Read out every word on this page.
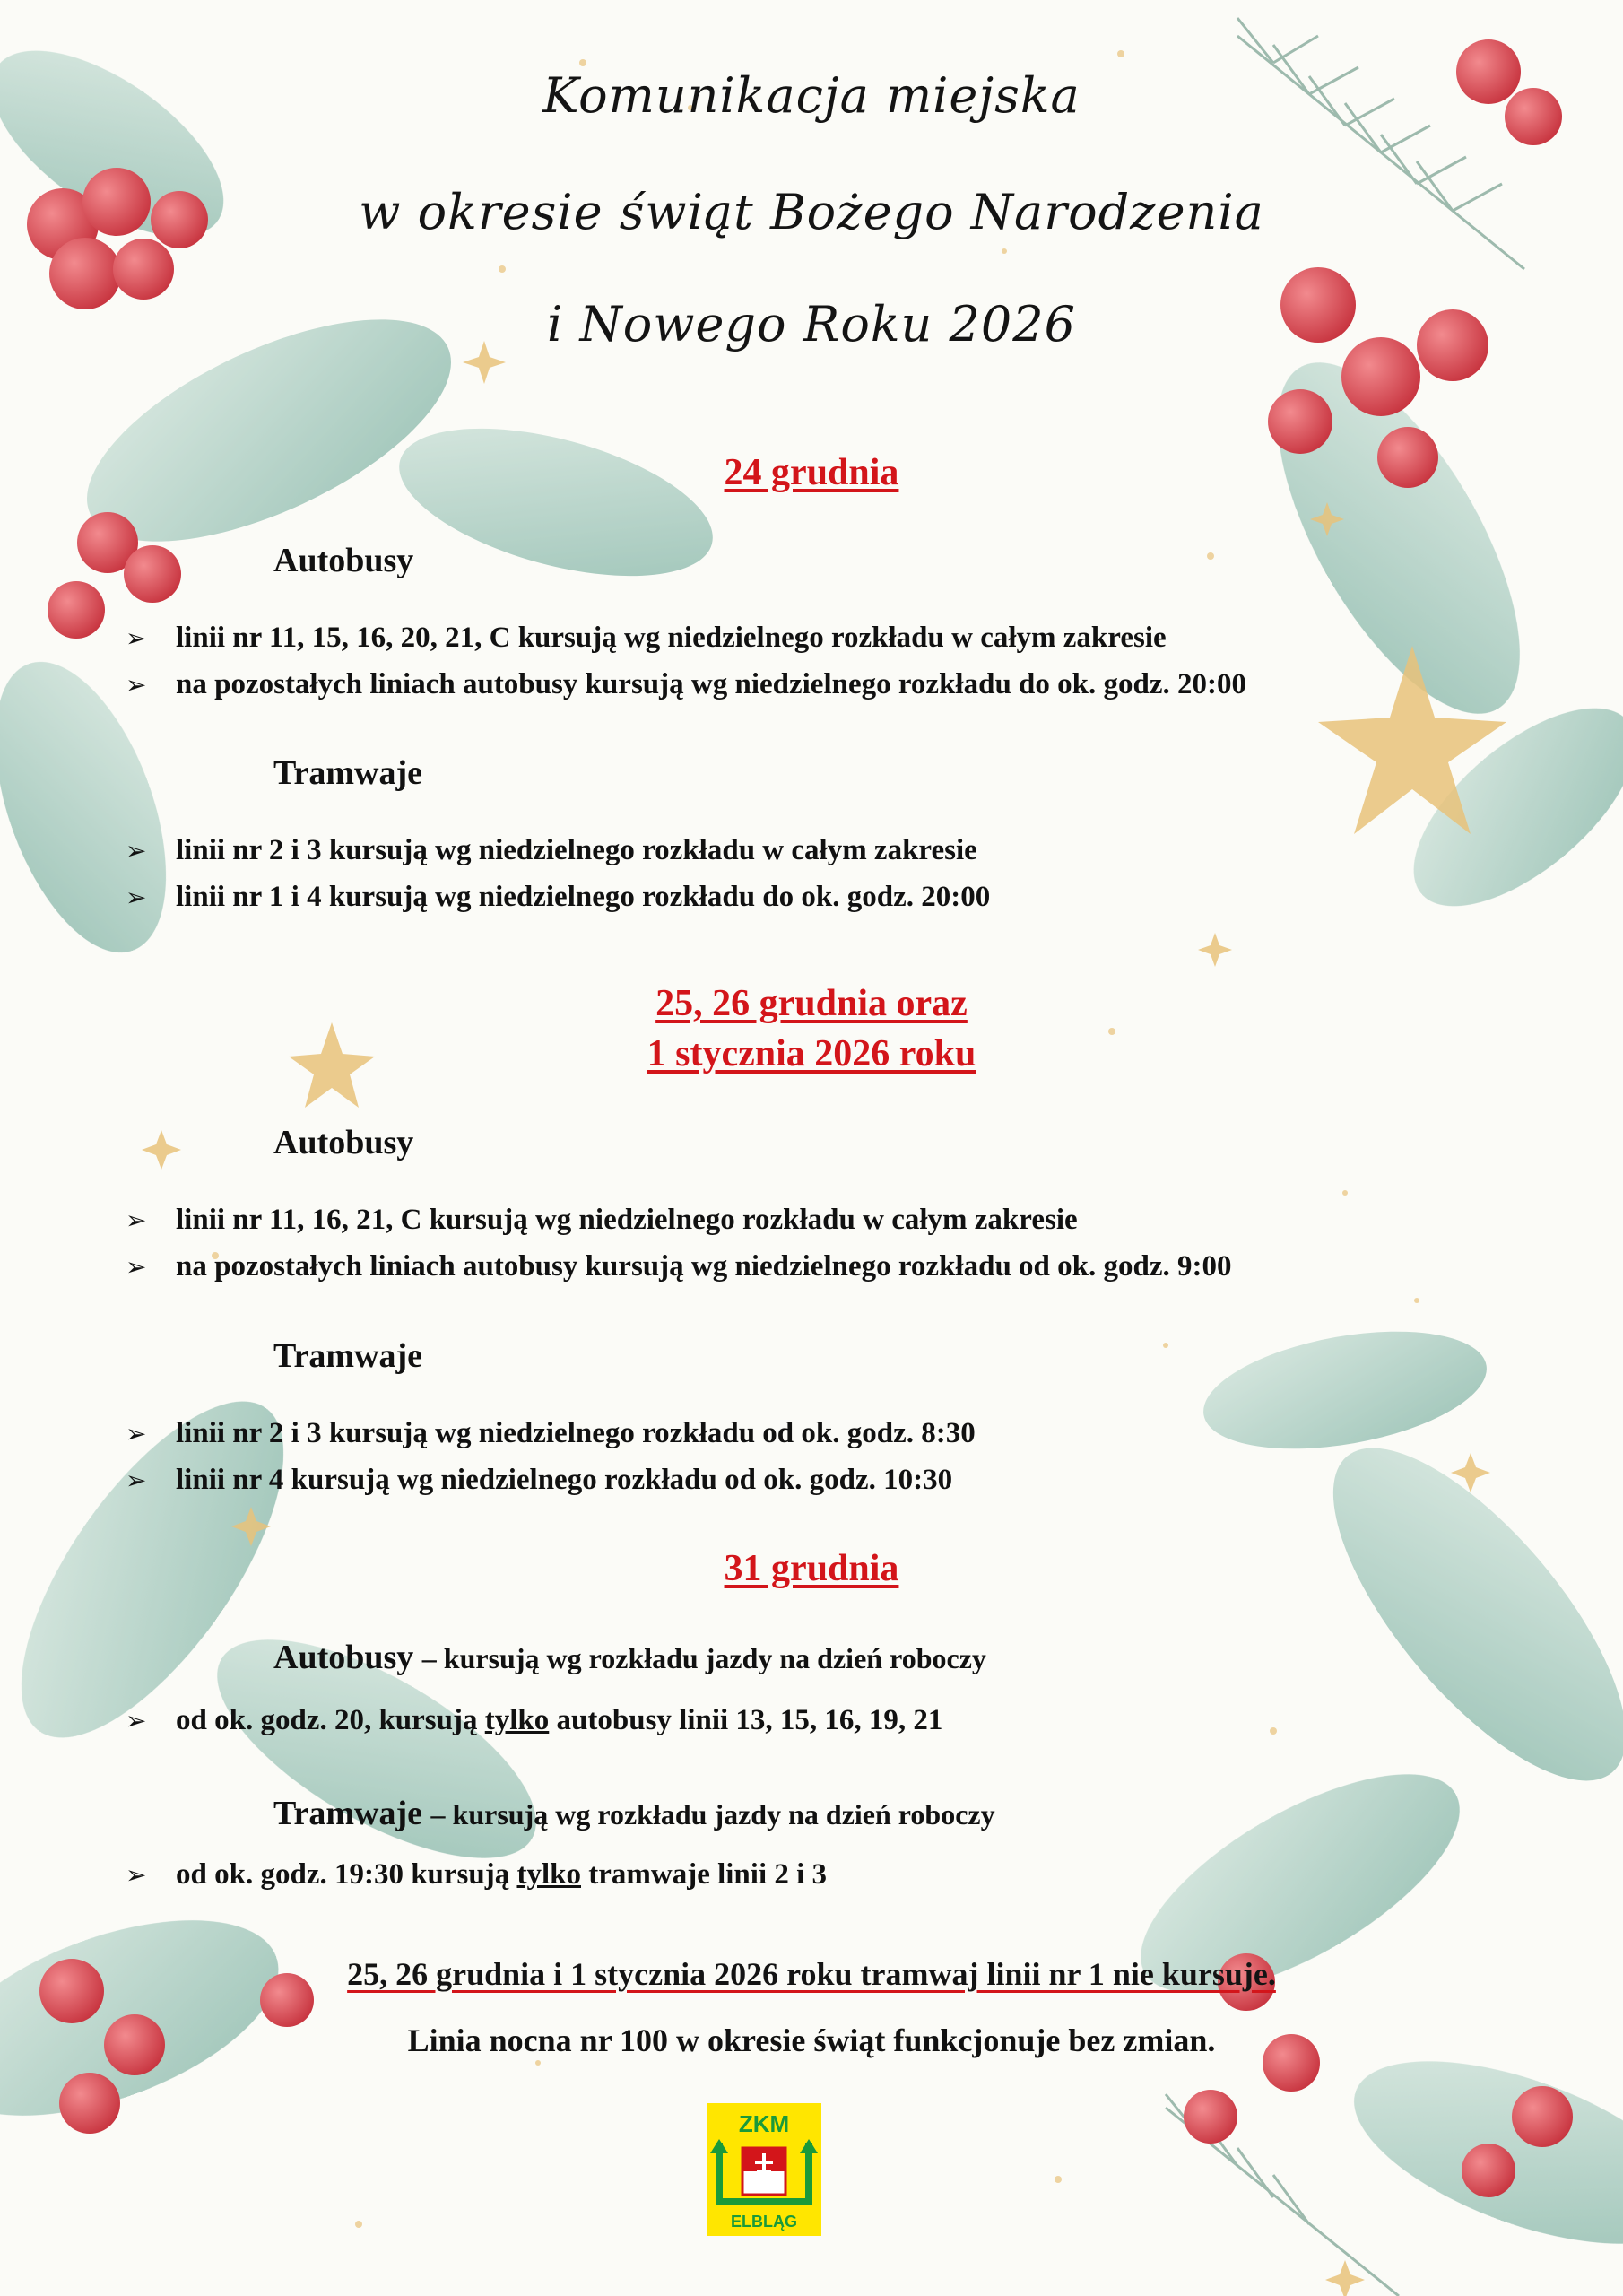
Komunikacja miejska
w okresie świąt Bożego Narodzenia
i Nowego Roku 2026
24 grudnia
Autobusy
➢ linii nr 11, 15, 16, 20, 21, C kursują wg niedzielnego rozkładu w całym zakresie
➢ na pozostałych liniach autobusy kursują wg niedzielnego rozkładu do ok. godz. 20:00
Tramwaje
➢ linii nr 2 i 3 kursują wg niedzielnego rozkładu w całym zakresie
➢ linii nr 1 i 4 kursują wg niedzielnego rozkładu do ok. godz. 20:00
25, 26 grudnia oraz
1 stycznia 2026 roku
Autobusy
➢ linii nr 11, 16, 21, C kursują wg niedzielnego rozkładu w całym zakresie
➢ na pozostałych liniach autobusy kursują wg niedzielnego rozkładu od ok. godz. 9:00
Tramwaje
➢ linii nr 2 i 3 kursują wg niedzielnego rozkładu od ok. godz. 8:30
➢ linii nr 4 kursują wg niedzielnego rozkładu od ok. godz. 10:30
31 grudnia
Autobusy – kursują wg rozkładu jazdy na dzień roboczy
➢ od ok. godz. 20, kursują tylko autobusy linii 13, 15, 16, 19, 21
Tramwaje – kursują wg rozkładu jazdy na dzień roboczy
➢ od ok. godz. 19:30 kursują tylko tramwaje linii 2 i 3
25, 26 grudnia i 1 stycznia 2026 roku tramwaj linii nr 1 nie kursuje.
Linia nocna nr 100 w okresie świąt funkcjonuje bez zmian.
ZKM
ELBLĄG
